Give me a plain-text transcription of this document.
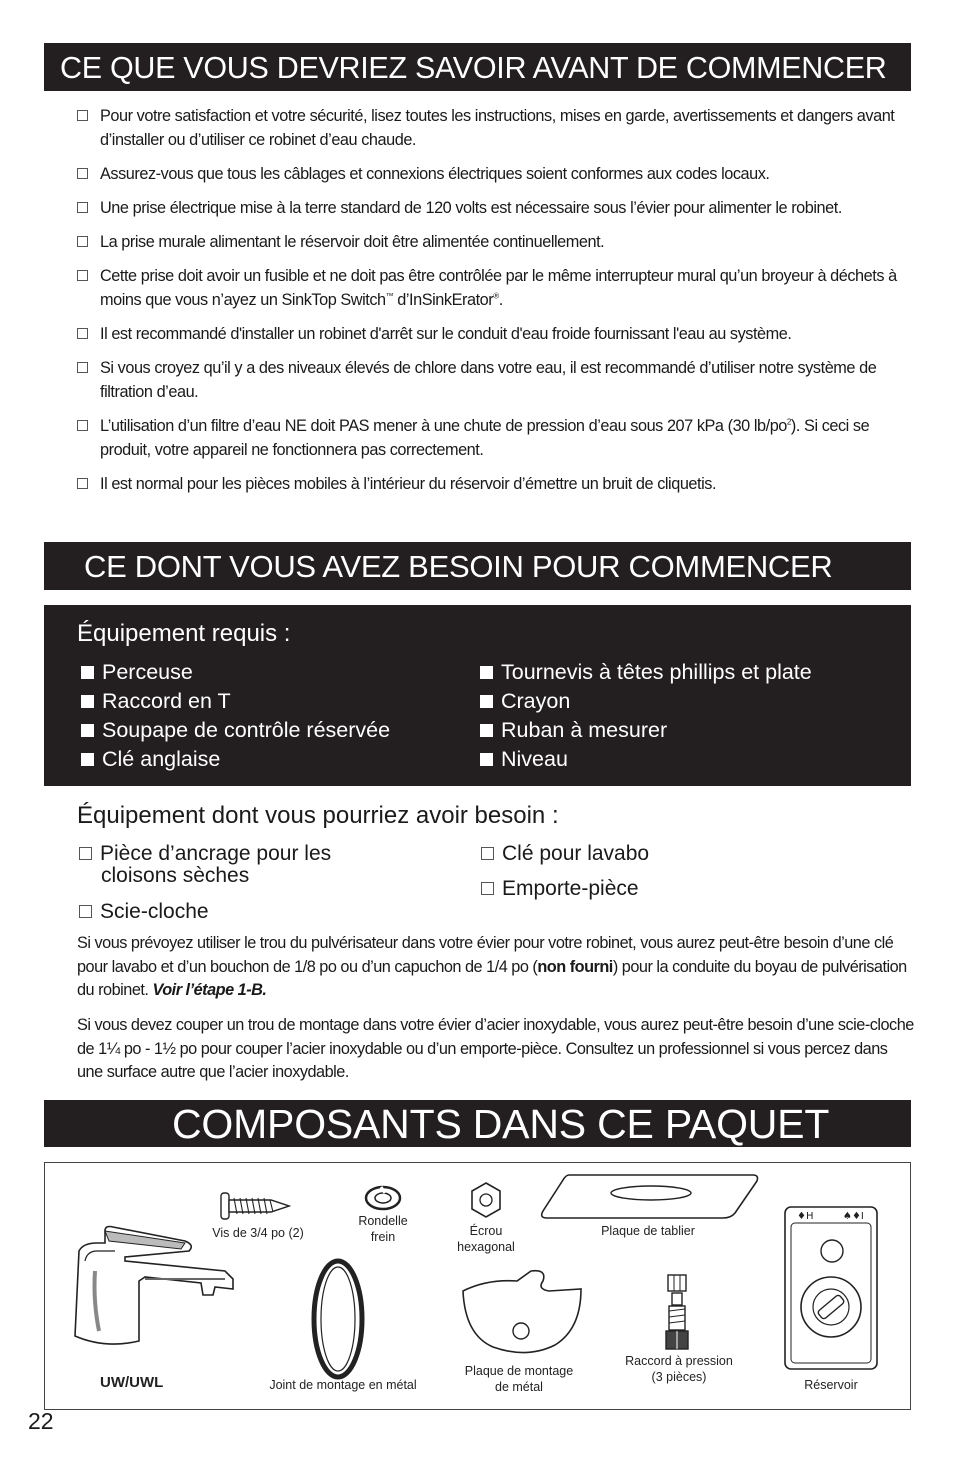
CE QUE VOUS DEVRIEZ SAVOIR AVANT DE COMMENCER
Pour votre satisfaction et votre sécurité, lisez toutes les instructions, mises en garde, avertissements et dangers avant d’installer ou d’utiliser ce robinet d’eau chaude.
Assurez-vous que tous les câblages et connexions électriques soient conformes aux codes locaux.
Une prise électrique mise à la terre standard de 120 volts est nécessaire sous l’évier pour alimenter le robinet.
La prise murale alimentant le réservoir doit être alimentée continuellement.
Cette prise doit avoir un fusible et ne doit pas être contrôlée par le même interrupteur mural qu’un broyeur à déchets à moins que vous n’ayez un SinkTop Switch™ d’InSinkErator®.
Il est recommandé d'installer un robinet d'arrêt sur le conduit d'eau froide fournissant l'eau au système.
Si vous croyez qu’il y a des niveaux élevés de chlore dans votre eau, il est recommandé d’utiliser notre système de filtration d’eau.
L’utilisation d’un filtre d’eau NE doit PAS mener à une chute de pression d’eau sous 207 kPa (30 $lb/po^2$). Si ceci se produit, votre appareil ne fonctionnera pas correctement.
Il est normal pour les pièces mobiles à l’intérieur du réservoir d’émettre un bruit de cliquetis.
CE DONT VOUS AVEZ BESOIN POUR COMMENCER
Équipement requis :
Perceuse
Raccord en T
Soupape de contrôle réservée
Clé anglaise
Tournevis à têtes phillips et plate
Crayon
Ruban à mesurer
Niveau
Équipement dont vous pourriez avoir besoin :
Pièce d’ancrage pour les
cloisons sèches
Scie-cloche
Clé pour lavabo
Emporte-pièce

Si vous prévoyez utiliser le trou du pulvérisateur dans votre évier pour votre robinet, vous aurez peut-être besoin d’une clé pour lavabo et d’un bouchon de 1/8 po ou d’un capuchon de 1/4 po (non fourni) pour la conduite du boyau de pulvérisation du robinet. Voir l’étape 1-B.

Si vous devez couper un trou de montage dans votre évier d’acier inoxydable, vous aurez peut-être besoin d’une scie-cloche de 1¼ po - 1½ po pour couper l’acier inoxydable ou d’un emporte-pièce. Consultez un professionnel si vous percez dans une surface autre que l’acier inoxydable.

COMPOSANTS DANS CE PAQUET
UW/UWL
Vis de 3/4 po (2)
Rondelle
frein	Écrou
hexagonal
Plaque de tablier
Joint de montage en métal
Plaque de montage
de métal
Raccord à pression
(3 pièces)
♦H	♠♦I
Réservoir
22
